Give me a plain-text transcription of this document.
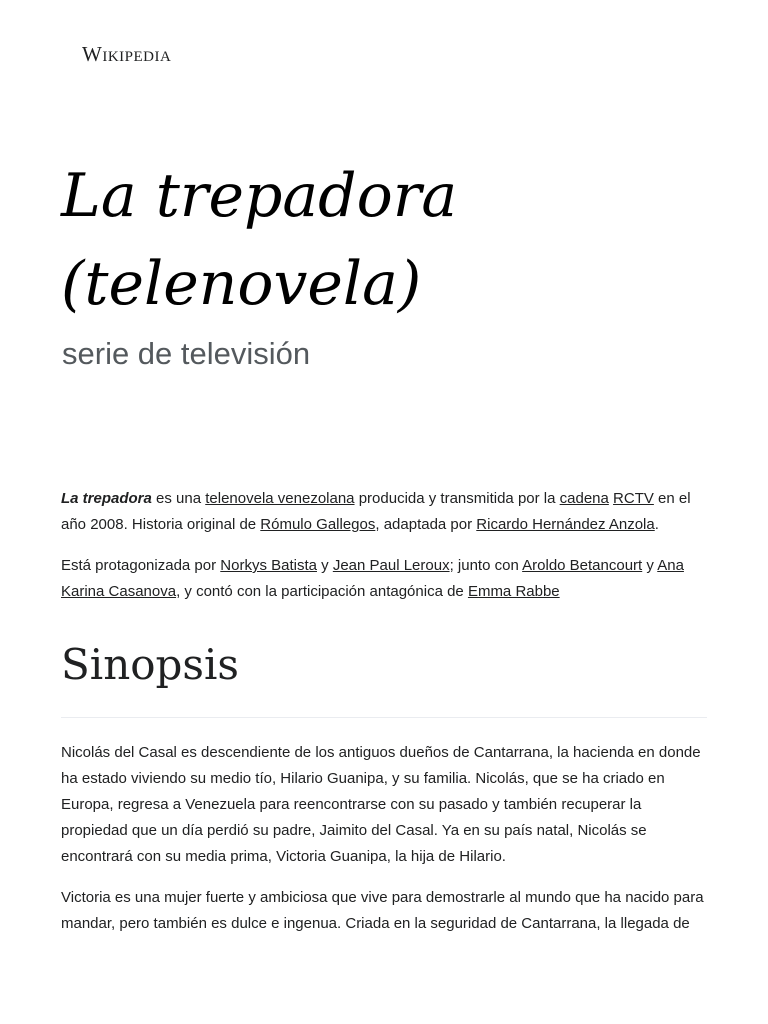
Wikipedia
La trepadora (telenovela)
serie de televisión

La trepadora es una telenovela venezolana producida y transmitida por la cadena RCTV en el año 2008. Historia original de Rómulo Gallegos, adaptada por Ricardo Hernández Anzola.

Está protagonizada por Norkys Batista y Jean Paul Leroux; junto con Aroldo Betancourt y Ana Karina Casanova, y contó con la participación antagónica de Emma Rabbe

Sinopsis

Nicolás del Casal es descendiente de los antiguos dueños de Cantarrana, la hacienda en donde ha estado viviendo su medio tío, Hilario Guanipa, y su familia. Nicolás, que se ha criado en Europa, regresa a Venezuela para reencontrarse con su pasado y también recuperar la propiedad que un día perdió su padre, Jaimito del Casal. Ya en su país natal, Nicolás se encontrará con su media prima, Victoria Guanipa, la hija de Hilario.

Victoria es una mujer fuerte y ambiciosa que vive para demostrarle al mundo que ha nacido para mandar, pero también es dulce e ingenua. Criada en la seguridad de Cantarrana, la llegada de
